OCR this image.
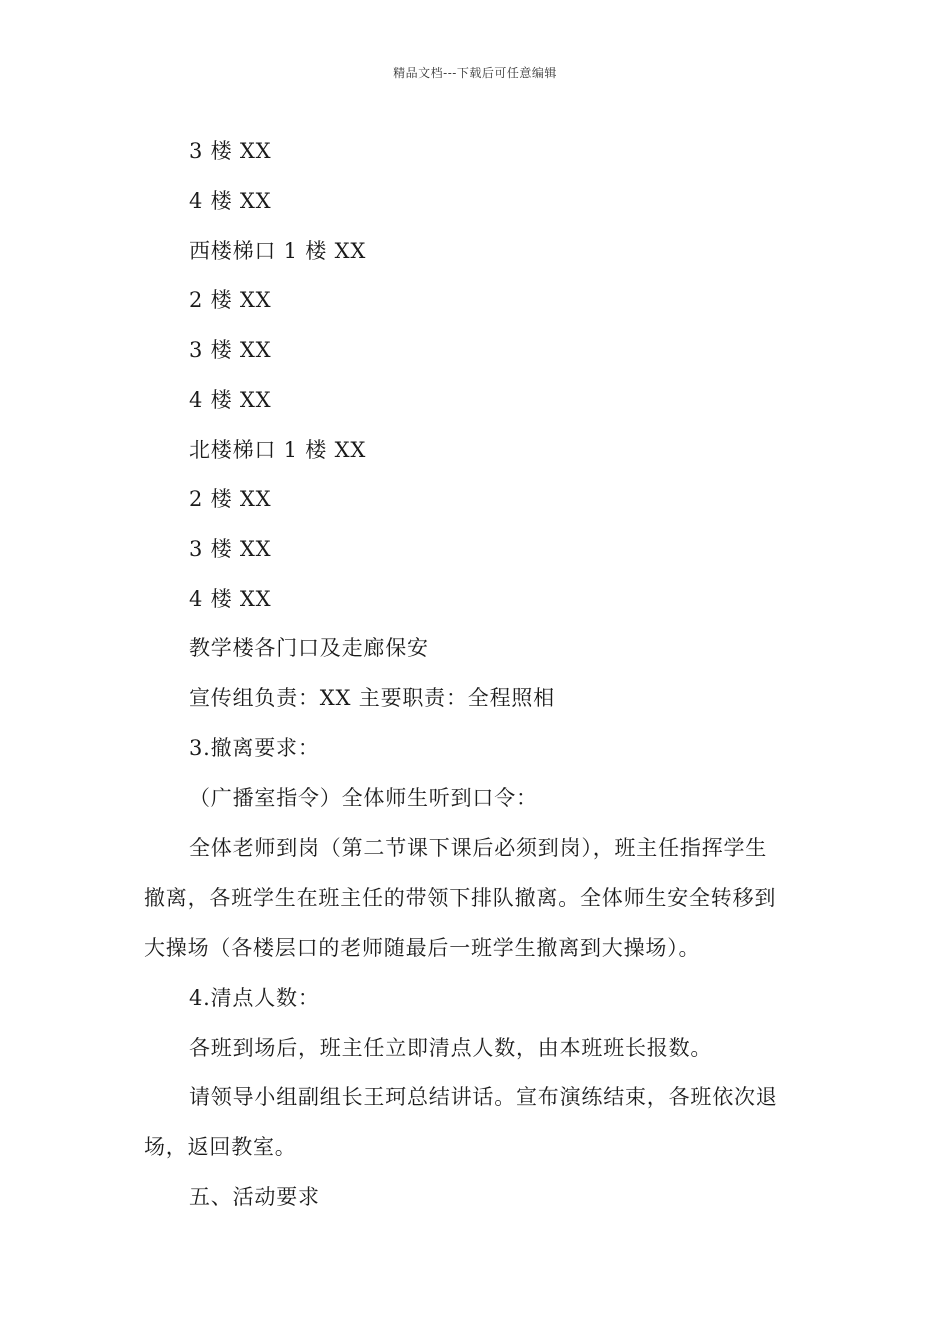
精品文档---下载后可任意编辑
3 楼 XX
4 楼 XX
西楼梯口 1 楼 XX
2 楼 XX
3 楼 XX
4 楼 XX
北楼梯口 1 楼 XX
2 楼 XX
3 楼 XX
4 楼 XX
教学楼各门口及走廊保安
宣传组负责：XX 主要职责：全程照相
3.撤离要求：
（广播室指令）全体师生听到口令：
全体老师到岗（第二节课下课后必须到岗），班主任指挥学生
撤离，各班学生在班主任的带领下排队撤离。全体师生安全转移到
大操场（各楼层口的老师随最后一班学生撤离到大操场）。
4.清点人数：
各班到场后，班主任立即清点人数，由本班班长报数。
请领导小组副组长王珂总结讲话。宣布演练结束，各班依次退
场，返回教室。
五、活动要求
